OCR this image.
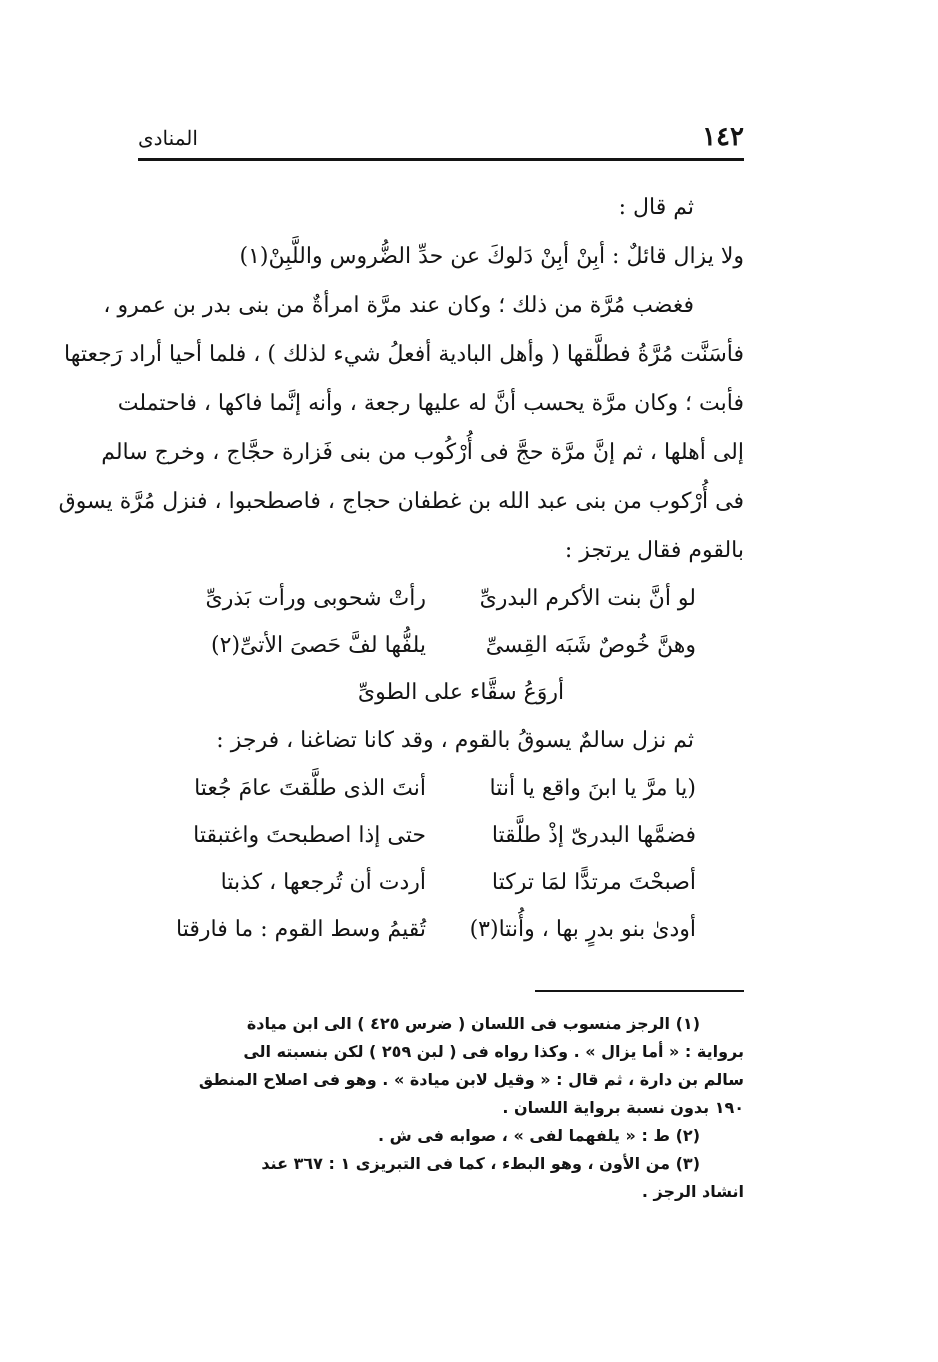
١٤٢
المنادى
ثم قال :
ولا يزال قائلٌ : أبِنْ أبِنْ دَلوكَ عن حدِّ الضُّروس واللَّبِنْ(١)
فغضب مُرَّة من ذلك ؛ وكان عند مرَّة امرأةٌ من بنى بدر بن عمرو ،
فأسَنَّت مُرَّةُ فطلَّقها ( وأهل البادية أفعلُ شيء لذلك ) ، فلما أحيا أراد رَجعتها
فأبت ؛ وكان مرَّة يحسب أنَّ له عليها رجعة ، وأنه إنَّما فاكها ، فاحتملت
إلى أهلها ، ثم إنَّ مرَّة حجَّ فى أُرْكُوب من بنى فَزارة حجَّاج ، وخرج سالم
فى أُرْكوب من بنى عبد الله بن غطفان حجاج ، فاصطحبوا ، فنزل مُرَّة يسوق
بالقوم فقال يرتجز :
لو أنَّ بنت الأكرم البدرىِّ
رأتْ شحوبى ورأت بَذرىِّ
وهنَّ خُوصٌ شَبَه القِسىِّ
يلفُّها لفَّ حَصىَ الأتىِّ(٢)
أروَعُ سقَّاء على الطوىِّ
ثم نزل سالمٌ يسوقُ بالقوم ، وقد كانا تضاغنا ، فرجز :
(يا مرَّ يا ابنَ واقع يا أنتا
أنتَ الذى طلَّقتَ عامَ جُعتا
فضمَّها البدرىّ إذْ طلَّقتا
حتى إذا اصطبحتَ واغتبقتا
أصبحْتَ مرتدًّا لمَا تركتا
أردت أن تُرجعها ، كذبتا
أودىٰ بنو بدرٍ بها ، وأُنتا(٣)
تُقيمُ وسط القوم : ما فارقتا
(١) الرجز منسوب فى اللسان ( ضرس ٤٢٥ ) الى ابن ميادة
برواية : « أما يزال » . وكذا رواه فى ( لبن ٢٥٩ ) لكن بنسبته الى
سالم بن دارة ، ثم قال : « وقيل لابن ميادة » . وهو فى اصلاح المنطق
١٩٠ بدون نسبة برواية اللسان .
(٢) ط : « يلفهما لفى » ، صوابه فى ش .
(٣) من الأون ، وهو البطء ، كما فى التبريزى ١ : ٣٦٧ عند
انشاد الرجز .
